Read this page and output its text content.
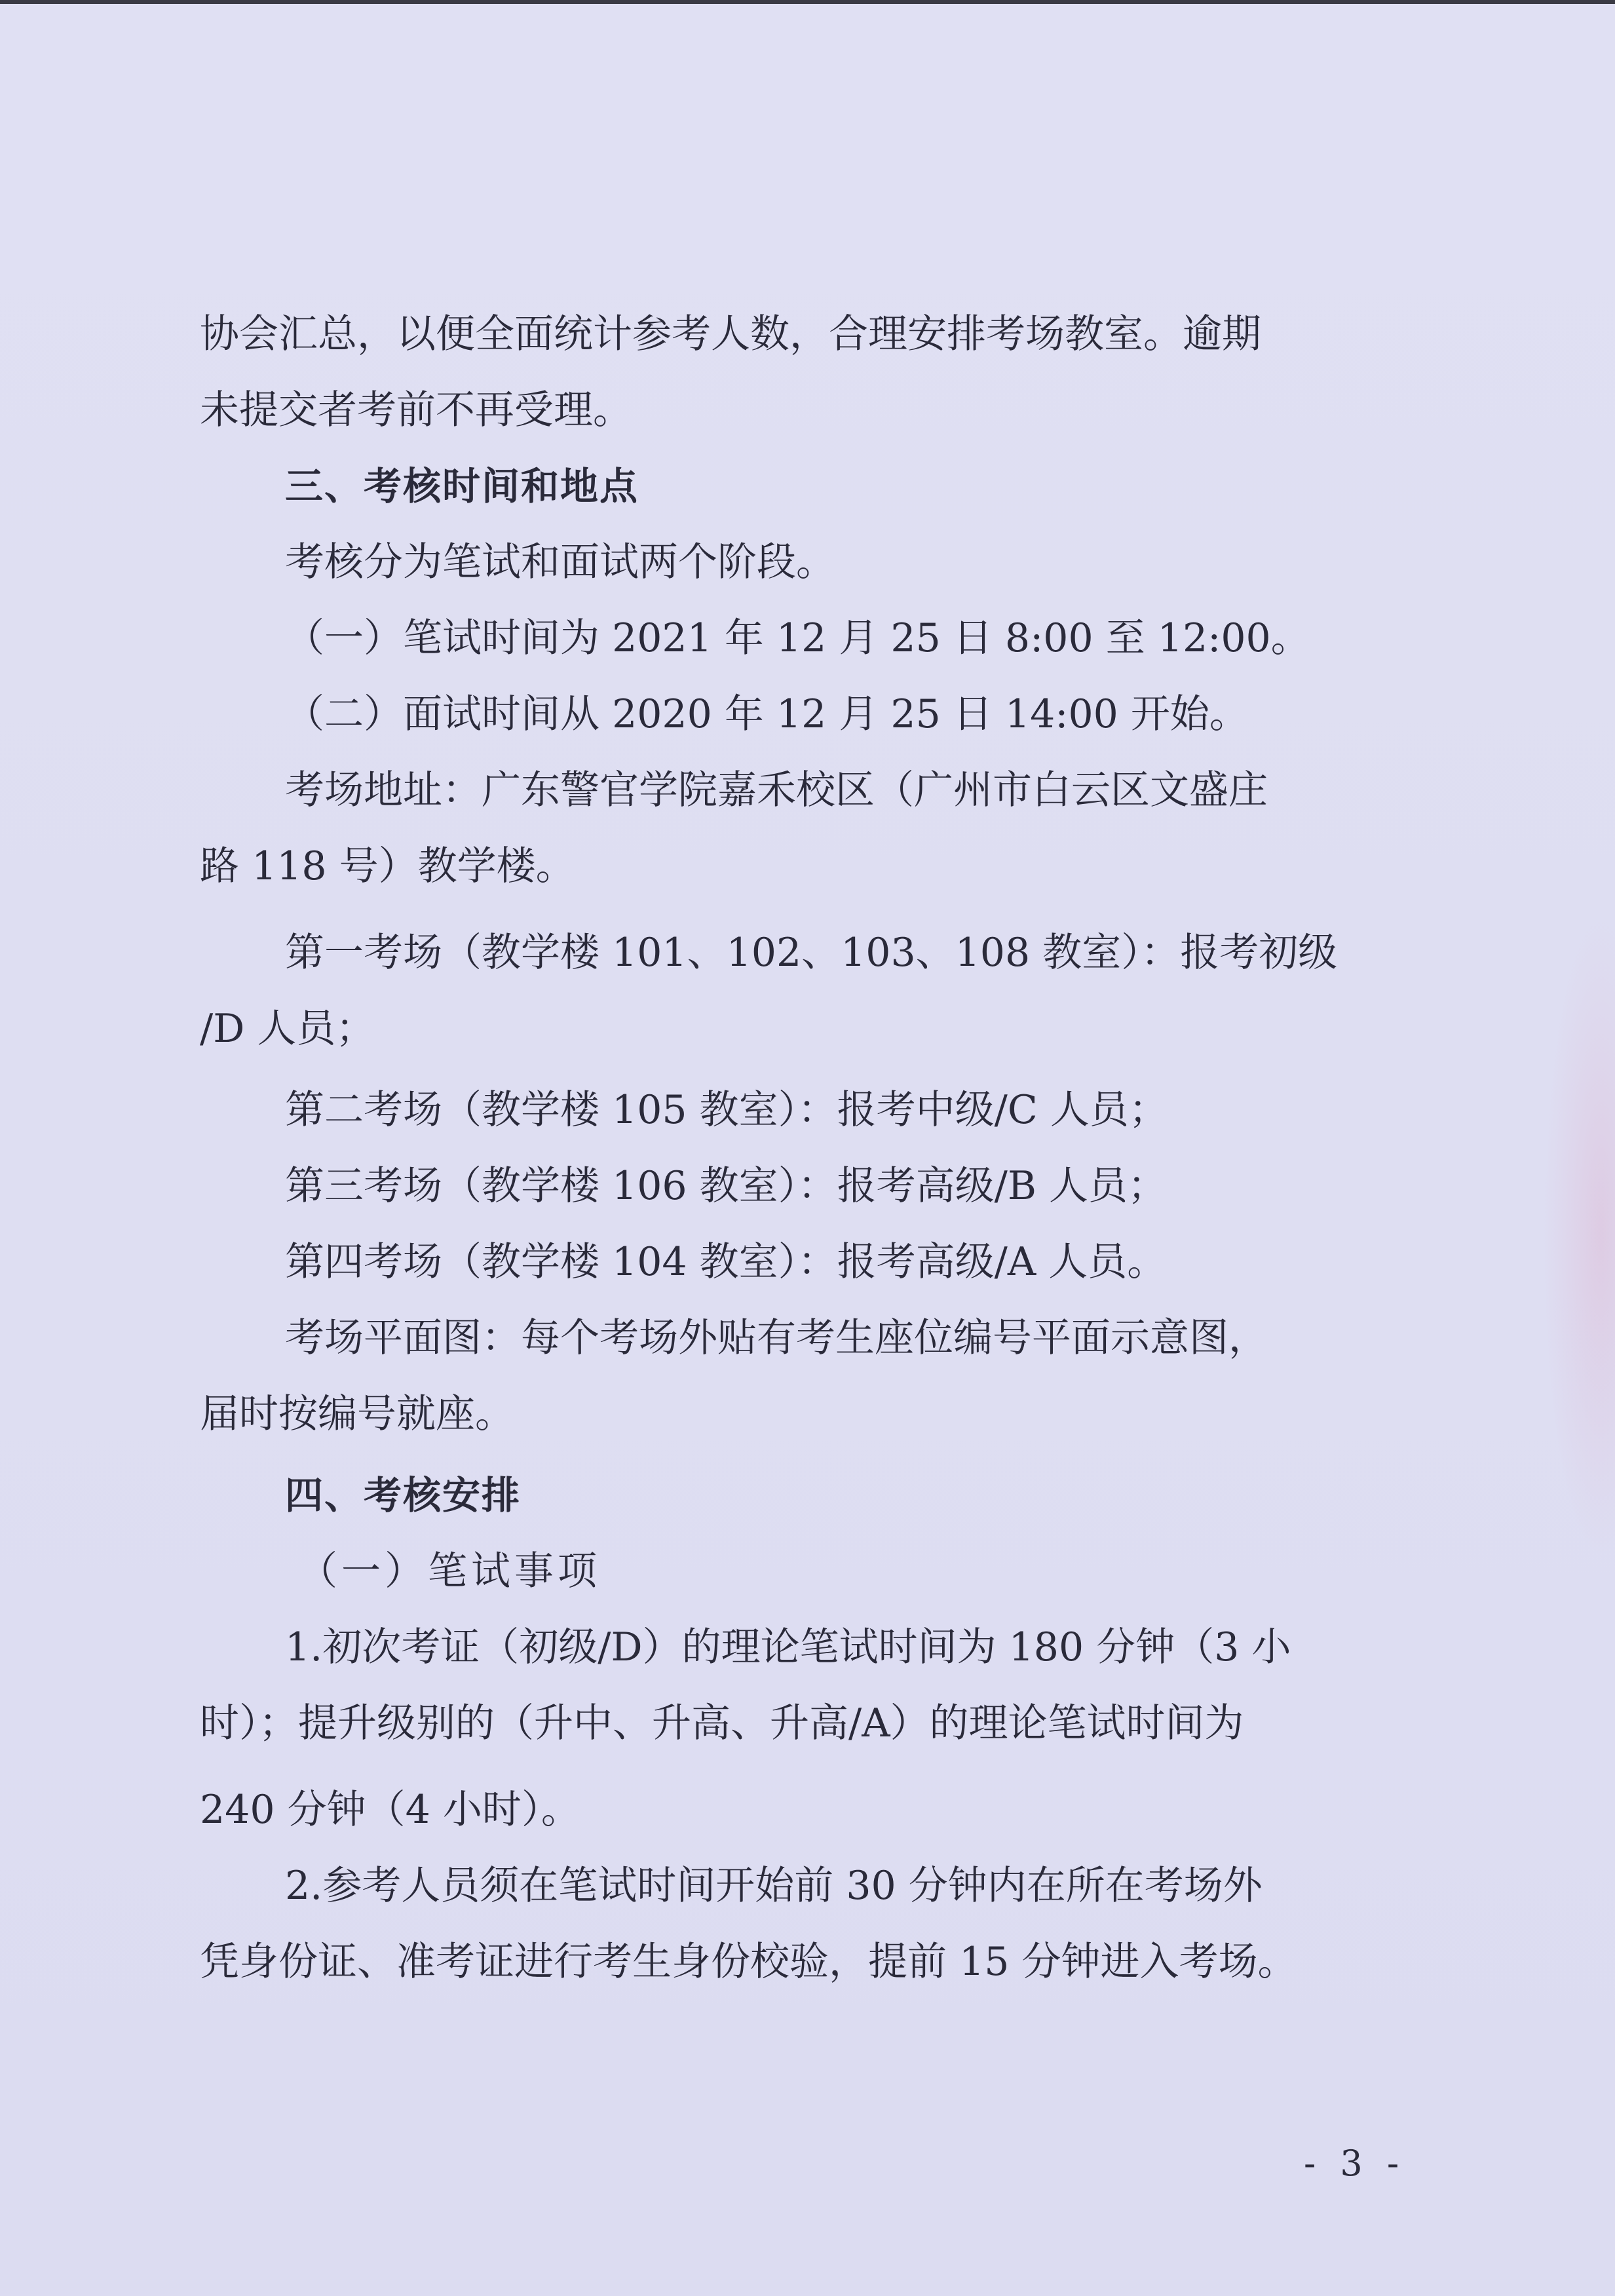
协会汇总，以便全面统计参考人数，合理安排考场教室。逾期
未提交者考前不再受理。
三、考核时间和地点
考核分为笔试和面试两个阶段。
（一）笔试时间为 2021 年 12 月 25 日 8:00 至 12:00。
（二）面试时间从 2020 年 12 月 25 日 14:00 开始。
考场地址：广东警官学院嘉禾校区（广州市白云区文盛庄
路 118 号）教学楼。
第一考场（教学楼 101、102、103、108 教室）：报考初级
/D 人员；
第二考场（教学楼 105 教室）：报考中级/C 人员；
第三考场（教学楼 106 教室）：报考高级/B 人员；
第四考场（教学楼 104 教室）：报考高级/A 人员。
考场平面图：每个考场外贴有考生座位编号平面示意图，
届时按编号就座。
四、考核安排
（一）笔试事项
1.初次考证（初级/D）的理论笔试时间为 180 分钟（3 小
时）；提升级别的（升中、升高、升高/A）的理论笔试时间为
240 分钟（4 小时）。
2.参考人员须在笔试时间开始前 30 分钟内在所在考场外
凭身份证、准考证进行考生身份校验，提前 15 分钟进入考场。
- 3 -
